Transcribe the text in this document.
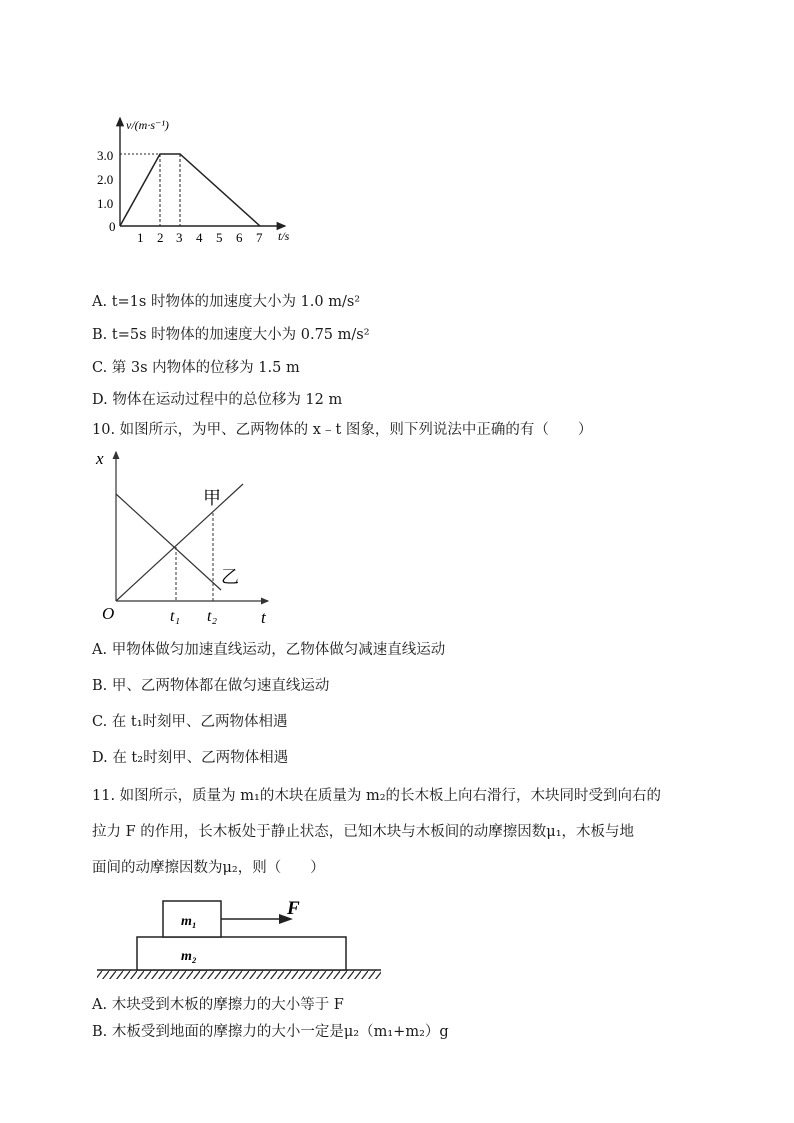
v/(m·s⁻¹)
t/s
3.0
2.0
1.0
0
1 2 3 4 5 6 7
A. t=1s 时物体的加速度大小为 1.0 m/s²
B. t=5s 时物体的加速度大小为 0.75 m/s²
C. 第 3s 内物体的位移为 1.5 m
D. 物体在运动过程中的总位移为 12 m
10. 如图所示，为甲、乙两物体的 x﹣t 图象，则下列说法中正确的有（　　）
x
t
O	t₁ t₂
甲
乙
A. 甲物体做匀加速直线运动，乙物体做匀减速直线运动
B. 甲、乙两物体都在做匀速直线运动
C. 在 t₁时刻甲、乙两物体相遇
D. 在 t₂时刻甲、乙两物体相遇
11. 如图所示，质量为 m₁的木块在质量为 m₂的长木板上向右滑行，木块同时受到向右的
拉力 F 的作用，长木板处于静止状态，已知木块与木板间的动摩擦因数μ₁，木板与地
面间的动摩擦因数为μ₂，则（　　）
m₁
m₂
F
A. 木块受到木板的摩擦力的大小等于 F
B. 木板受到地面的摩擦力的大小一定是μ₂（m₁+m₂）g
